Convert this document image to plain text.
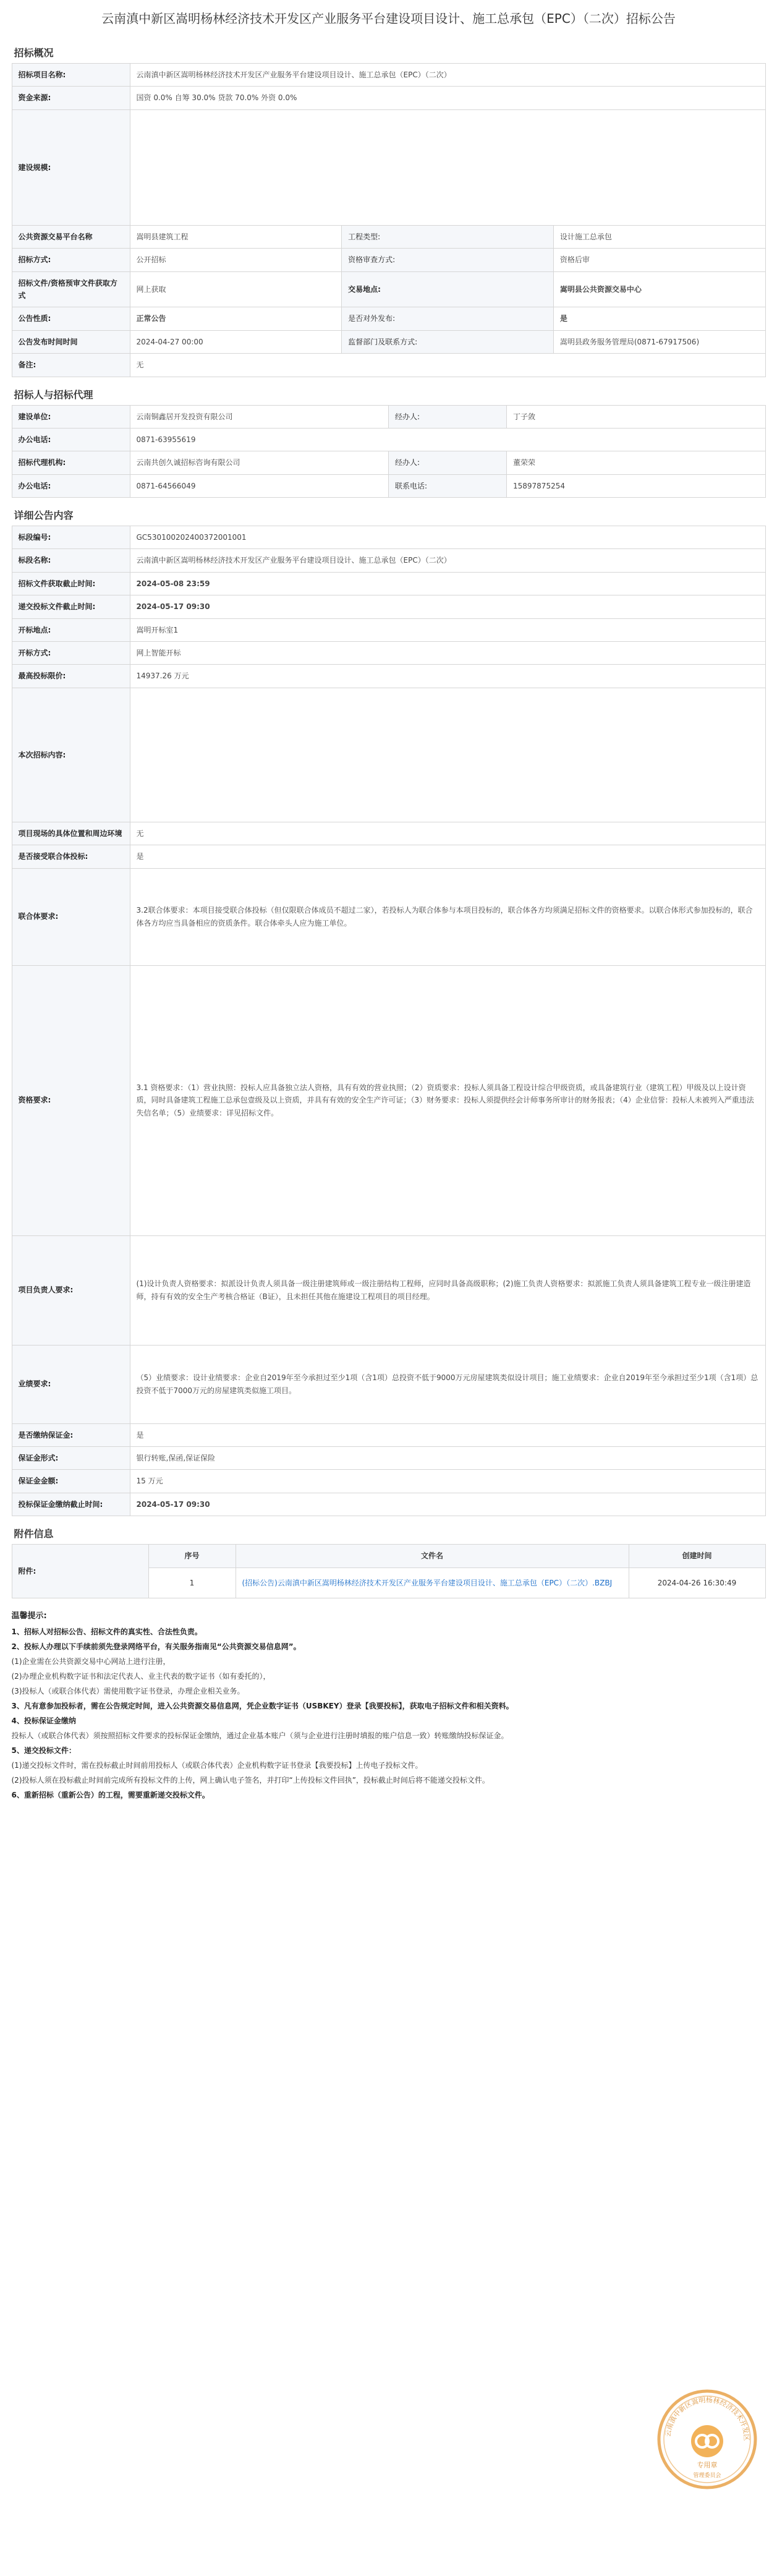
云南滇中新区嵩明杨林经济技术开发区产业服务平台建设项目设计、施工总承包（EPC）（二次）招标公告
招标概况
招标项目名称:	云南滇中新区嵩明杨林经济技术开发区产业服务平台建设项目设计、施工总承包（EPC）（二次）		
资金来源:	国资 0.0% 自筹 30.0% 贷款 70.0% 外资 0.0%		
建设规模:			
公共资源交易平台名称	嵩明县建筑工程	工程类型:	设计施工总承包
招标方式:	公开招标	资格审查方式:	资格后审
招标文件/资格预审文件获取方式	网上获取	交易地点:	嵩明县公共资源交易中心
公告性质:	正常公告	是否对外发布:	是
公告发布时间时间	2024-04-27 00:00	监督部门及联系方式:	嵩明县政务服务管理局(0871-67917506)
备注:	无		
招标人与招标代理
建设单位:	云南铜鑫居开发投资有限公司	经办人:	丁子敛
办公电话:	0871-63955619		
招标代理机构:	云南共创久诚招标咨询有限公司	经办人:	董荣荣
办公电话:	0871-64566049	联系电话:	15897875254
详细公告内容
标段编号:	GC530100202400372001001
标段名称:	云南滇中新区嵩明杨林经济技术开发区产业服务平台建设项目设计、施工总承包（EPC）（二次）
招标文件获取截止时间:	2024-05-08 23:59
递交投标文件截止时间:	2024-05-17 09:30
开标地点:	嵩明开标室1
开标方式:	网上智能开标
最高投标限价:	14937.26 万元
本次招标内容:	
项目现场的具体位置和周边环境	无
是否接受联合体投标:	是
联合体要求:	3.2联合体要求：本项目接受联合体投标（但仅限联合体成员不超过二家），若投标人为联合体参与本项目投标的，联合体各方均须满足招标文件的资格要求。以联合体形式参加投标的，联合体各方均应当具备相应的资质条件。联合体牵头人应为施工单位。
资格要求:	3.1 资格要求：（1）营业执照：投标人应具备独立法人资格，具有有效的营业执照；（2）资质要求：投标人须具备工程设计综合甲级资质，或具备建筑行业（建筑工程）甲级及以上设计资质，同时具备建筑工程施工总承包壹级及以上资质，并具有有效的安全生产许可证；（3）财务要求：投标人须提供经会计师事务所审计的财务报表；（4）企业信誉：投标人未被列入严重违法失信名单；（5）业绩要求：详见招标文件。
项目负责人要求:	(1)设计负责人资格要求：拟派设计负责人须具备一级注册建筑师或一级注册结构工程师，应同时具备高级职称；(2)施工负责人资格要求：拟派施工负责人须具备建筑工程专业一级注册建造师，持有有效的安全生产考核合格证（B证），且未担任其他在施建设工程项目的项目经理。
业绩要求:	（5）业绩要求：设计业绩要求：企业自2019年至今承担过至少1项（含1项）总投资不低于9000万元房屋建筑类似设计项目；施工业绩要求：企业自2019年至今承担过至少1项（含1项）总投资不低于7000万元的房屋建筑类似施工项目。
是否缴纳保证金:	是
保证金形式:	银行转账,保函,保证保险
保证金金额:	15 万元
投标保证金缴纳截止时间:	2024-05-17 09:30
附件信息
附件:	序号	文件名	创建时间
	1	(招标公告)云南滇中新区嵩明杨林经济技术开发区产业服务平台建设项目设计、施工总承包（EPC）（二次）.BZBJ	2024-04-26 16:30:49

温馨提示:

1、招标人对招标公告、招标文件的真实性、合法性负责。

2、投标人办理以下手续前须先登录网络平台，有关服务指南见“公共资源交易信息网”。

(1)企业需在公共资源交易中心网站上进行注册，

(2)办理企业机构数字证书和法定代表人、业主代表的数字证书（如有委托的），

(3)投标人（或联合体代表）需使用数字证书登录，办理企业相关业务。

3、凡有意参加投标者，需在公告规定时间，进入公共资源交易信息网，凭企业数字证书（USBKEY）登录【我要投标】，获取电子招标文件和相关资料。

4、投标保证金缴纳

投标人（或联合体代表）须按照招标文件要求的投标保证金缴纳，通过企业基本账户（须与企业进行注册时填报的账户信息一致）转账缴纳投标保证金。

5、递交投标文件：

(1)递交投标文件时，需在投标截止时间前用投标人（或联合体代表）企业机构数字证书登录【我要投标】上传电子投标文件。

(2)投标人须在投标截止时间前完成所有投标文件的上传，网上确认电子签名，并打印“上传投标文件回执”，投标截止时间后将不能递交投标文件。

6、重新招标（重新公告）的工程，需要重新递交投标文件。

云南滇中新区嵩明杨林经济技术开发区
专用章
管理委员会
